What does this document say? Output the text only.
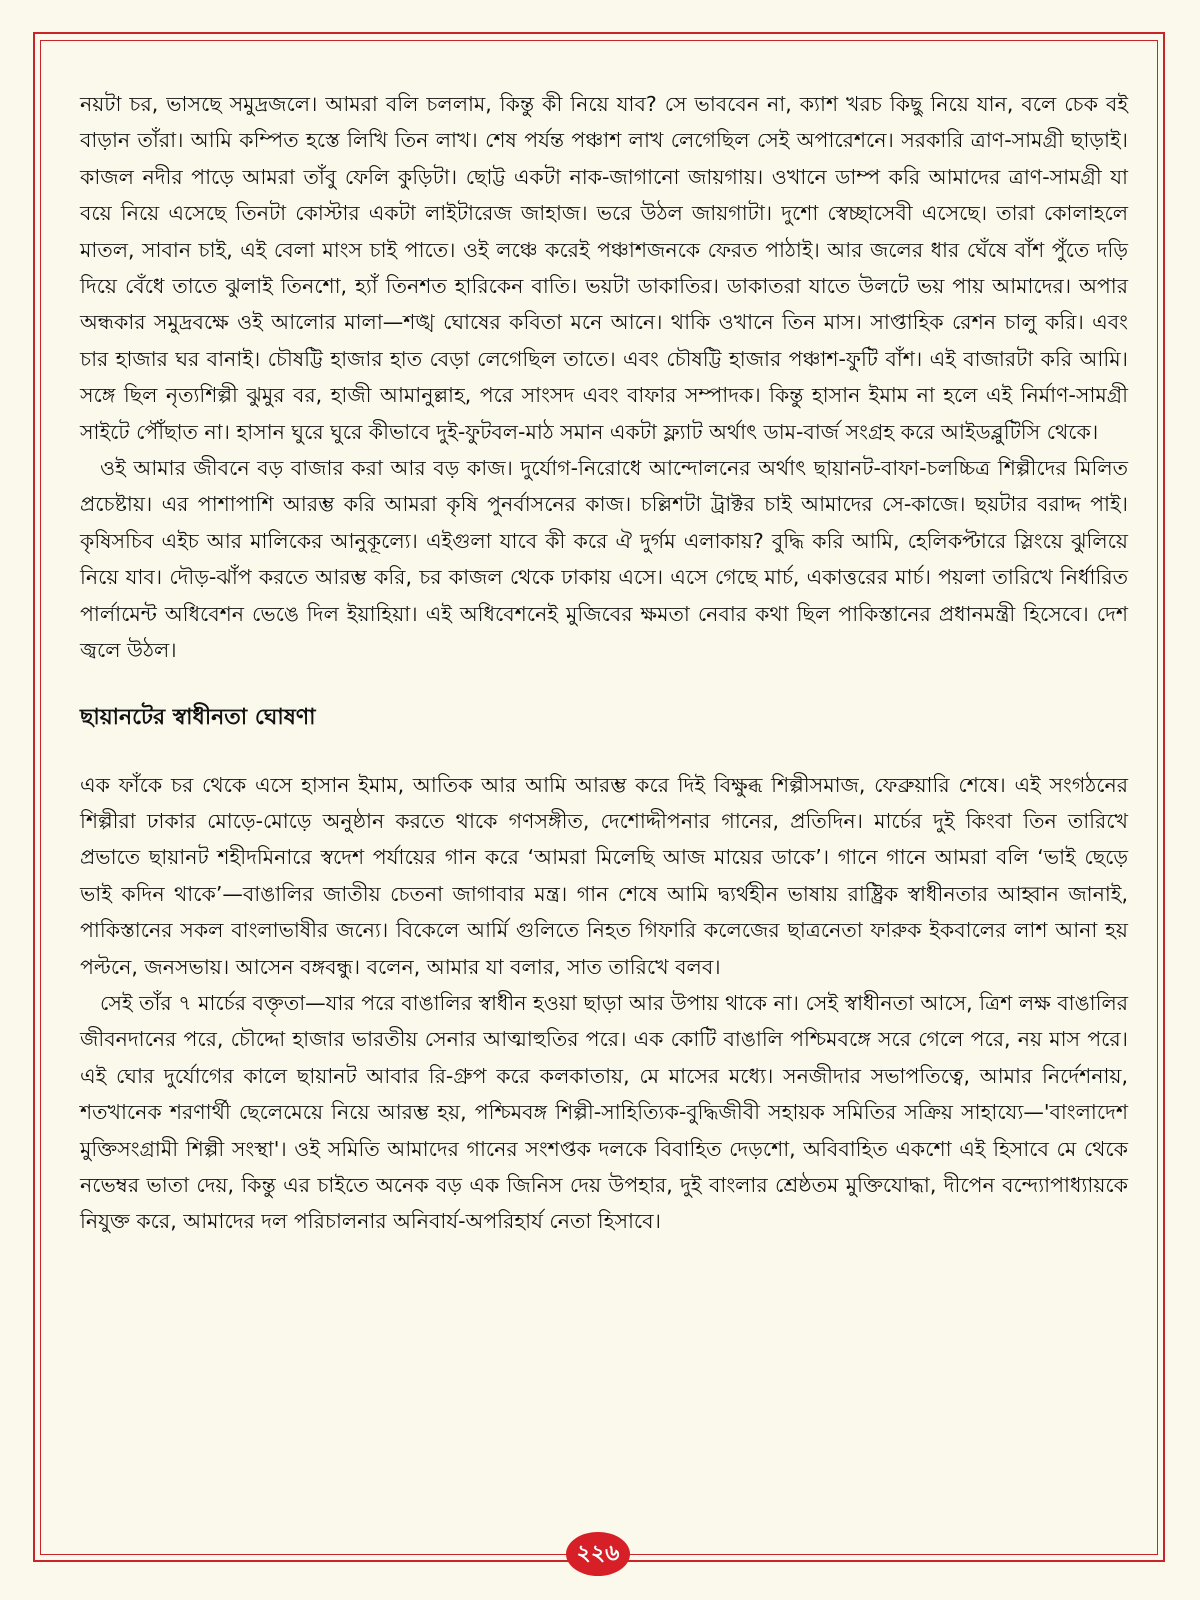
নয়টা চর, ভাসছে সমুদ্রজলে। আমরা বলি চললাম, কিন্তু কী নিয়ে যাব? সে ভাববেন না, ক্যাশ খরচ কিছু নিয়ে যান, বলে চেক বই বাড়ান তাঁরা। আমি কম্পিত হস্তে লিখি তিন লাখ। শেষ পর্যন্ত পঞ্চাশ লাখ লেগেছিল সেই অপারেশনে। সরকারি ত্রাণ-সামগ্রী ছাড়াই। কাজল নদীর পাড়ে আমরা তাঁবু ফেলি কুড়িটা। ছোট্ট একটা নাক-জাগানো জায়গায়। ওখানে ডাম্প করি আমাদের ত্রাণ-সামগ্রী যা বয়ে নিয়ে এসেছে তিনটা কোস্টার একটা লাইটারেজ জাহাজ। ভরে উঠল জায়গাটা। দুশো স্বেচ্ছাসেবী এসেছে। তারা কোলাহলে মাতল, সাবান চাই, এই বেলা মাংস চাই পাতে। ওই লঞ্চে করেই পঞ্চাশজনকে ফেরত পাঠাই। আর জলের ধার ঘেঁষে বাঁশ পুঁতে দড়ি দিয়ে বেঁধে তাতে ঝুলাই তিনশো, হ্যাঁ তিনশত হারিকেন বাতি। ভয়টা ডাকাতির। ডাকাতরা যাতে উলটে ভয় পায় আমাদের। অপার অন্ধকার সমুদ্রবক্ষে ওই আলোর মালা—শঙ্খ ঘোষের কবিতা মনে আনে। থাকি ওখানে তিন মাস। সাপ্তাহিক রেশন চালু করি। এবং চার হাজার ঘর বানাই। চৌষট্টি হাজার হাত বেড়া লেগেছিল তাতে। এবং চৌষট্টি হাজার পঞ্চাশ-ফুটি বাঁশ। এই বাজারটা করি আমি। সঙ্গে ছিল নৃত্যশিল্পী ঝুমুর বর, হাজী আমানুল্লাহ, পরে সাংসদ এবং বাফার সম্পাদক। কিন্তু হাসান ইমাম না হলে এই নির্মাণ-সামগ্রী সাইটে পৌঁছাত না। হাসান ঘুরে ঘুরে কীভাবে দুই-ফুটবল-মাঠ সমান একটা ফ্ল্যাট অর্থাৎ ডাম-বার্জ সংগ্রহ করে আইডব্লুটিসি থেকে।

ওই আমার জীবনে বড় বাজার করা আর বড় কাজ। দুর্যোগ-নিরোধে আন্দোলনের অর্থাৎ ছায়ানট-বাফা-চলচ্চিত্র শিল্পীদের মিলিত প্রচেষ্টায়। এর পাশাপাশি আরম্ভ করি আমরা কৃষি পুনর্বাসনের কাজ। চল্লিশটা ট্রাক্টর চাই আমাদের সে-কাজে। ছয়টার বরাদ্দ পাই। কৃষিসচিব এইচ আর মালিকের আনুকূল্যে। এইগুলা যাবে কী করে ঐ দুর্গম এলাকায়? বুদ্ধি করি আমি, হেলিকপ্টারে স্লিংয়ে ঝুলিয়ে নিয়ে যাব। দৌড়-ঝাঁপ করতে আরম্ভ করি, চর কাজল থেকে ঢাকায় এসে। এসে গেছে মার্চ, একাত্তরের মার্চ। পয়লা তারিখে নির্ধারিত পার্লামেন্ট অধিবেশন ভেঙে দিল ইয়াহিয়া। এই অধিবেশনেই মুজিবের ক্ষমতা নেবার কথা ছিল পাকিস্তানের প্রধানমন্ত্রী হিসেবে। দেশ জ্বলে উঠল।

ছায়ানটের স্বাধীনতা ঘোষণা

এক ফাঁকে চর থেকে এসে হাসান ইমাম, আতিক আর আমি আরম্ভ করে দিই বিক্ষুব্ধ শিল্পীসমাজ, ফেব্রুয়ারি শেষে। এই সংগঠনের শিল্পীরা ঢাকার মোড়ে-মোড়ে অনুষ্ঠান করতে থাকে গণসঙ্গীত, দেশোদ্দীপনার গানের, প্রতিদিন। মার্চের দুই কিংবা তিন তারিখে প্রভাতে ছায়ানট শহীদমিনারে স্বদেশ পর্যায়ের গান করে ‘আমরা মিলেছি আজ মায়ের ডাকে’। গানে গানে আমরা বলি ‘ভাই ছেড়ে ভাই কদিন থাকে’—বাঙালির জাতীয় চেতনা জাগাবার মন্ত্র। গান শেষে আমি দ্ব্যর্থহীন ভাষায় রাষ্ট্রিক স্বাধীনতার আহ্বান জানাই, পাকিস্তানের সকল বাংলাভাষীর জন্যে। বিকেলে আর্মি গুলিতে নিহত গিফারি কলেজের ছাত্রনেতা ফারুক ইকবালের লাশ আনা হয় পল্টনে, জনসভায়। আসেন বঙ্গবন্ধু। বলেন, আমার যা বলার, সাত তারিখে বলব।

সেই তাঁর ৭ মার্চের বক্তৃতা—যার পরে বাঙালির স্বাধীন হওয়া ছাড়া আর উপায় থাকে না। সেই স্বাধীনতা আসে, ত্রিশ লক্ষ বাঙালির জীবনদানের পরে, চৌদ্দো হাজার ভারতীয় সেনার আত্মাহুতির পরে। এক কোটি বাঙালি পশ্চিমবঙ্গে সরে গেলে পরে, নয় মাস পরে। এই ঘোর দুর্যোগের কালে ছায়ানট আবার রি-গ্রুপ করে কলকাতায়, মে মাসের মধ্যে। সনজীদার সভাপতিত্বে, আমার নির্দেশনায়, শতখানেক শরণার্থী ছেলেমেয়ে নিয়ে আরম্ভ হয়, পশ্চিমবঙ্গ শিল্পী-সাহিত্যিক-বুদ্ধিজীবী সহায়ক সমিতির সক্রিয় সাহায্যে—'বাংলাদেশ মুক্তিসংগ্রামী শিল্পী সংস্থা'। ওই সমিতি আমাদের গানের সংশপ্তক দলকে বিবাহিত দেড়শো, অবিবাহিত একশো এই হিসাবে মে থেকে নভেম্বর ভাতা দেয়, কিন্তু এর চাইতে অনেক বড় এক জিনিস দেয় উপহার, দুই বাংলার শ্রেষ্ঠতম মুক্তিযোদ্ধা, দীপেন বন্দ্যোপাধ্যায়কে নিযুক্ত করে, আমাদের দল পরিচালনার অনিবার্য-অপরিহার্য নেতা হিসাবে।

২২৬
